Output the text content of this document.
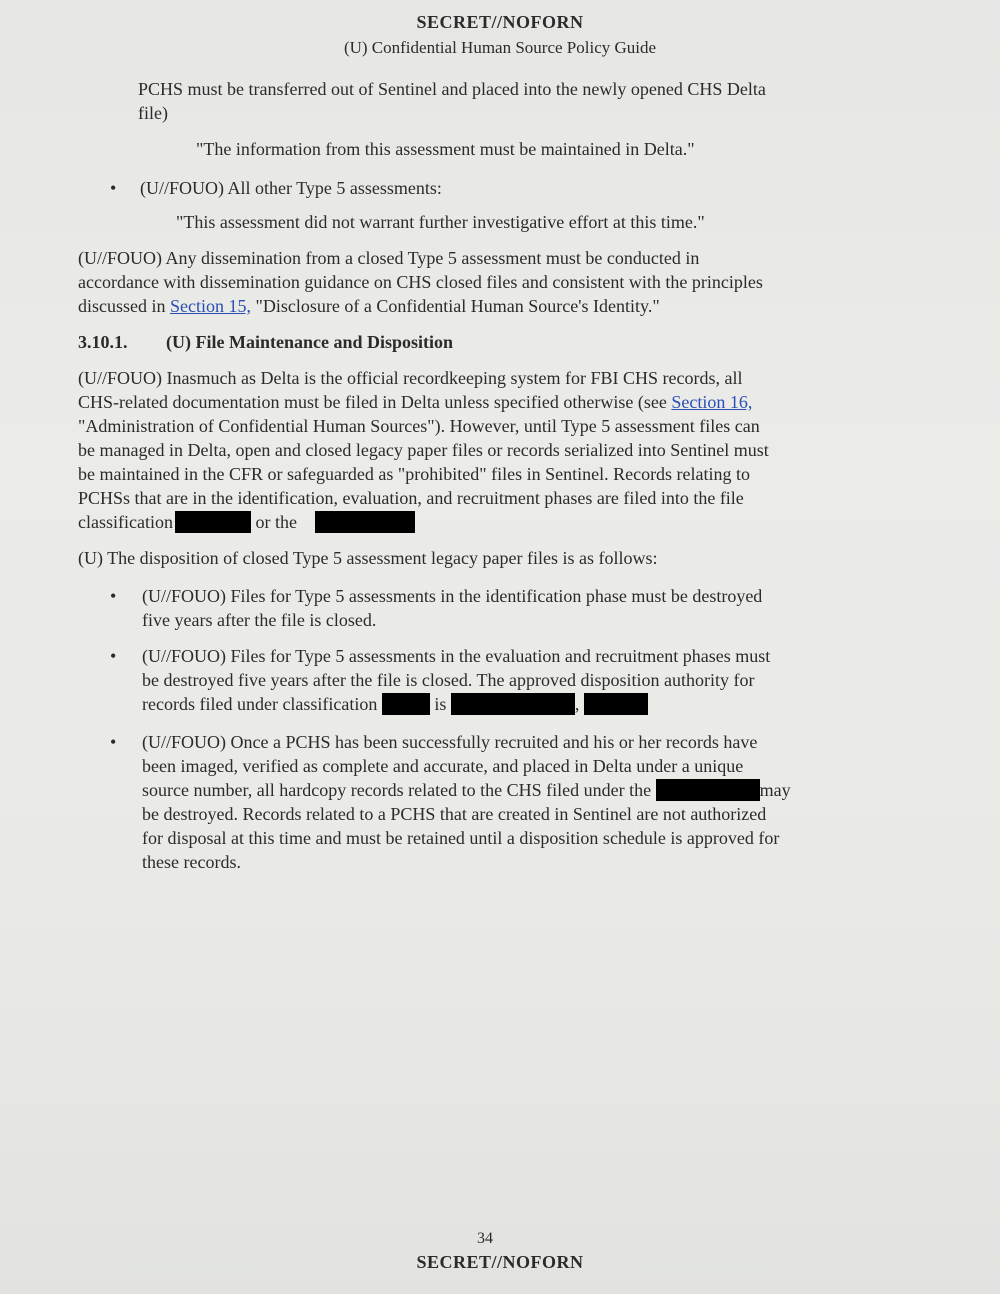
SECRET//NOFORN
(U) Confidential Human Source Policy Guide
PCHS must be transferred out of Sentinel and placed into the newly opened CHS Delta
file)
"The information from this assessment must be maintained in Delta."
• (U//FOUO) All other Type 5 assessments:
"This assessment did not warrant further investigative effort at this time."
(U//FOUO) Any dissemination from a closed Type 5 assessment must be conducted in
accordance with dissemination guidance on CHS closed files and consistent with the principles
discussed in Section 15, "Disclosure of a Confidential Human Source's Identity."
3.10.1. (U) File Maintenance and Disposition
(U//FOUO) Inasmuch as Delta is the official recordkeeping system for FBI CHS records, all
CHS-related documentation must be filed in Delta unless specified otherwise (see Section 16,
"Administration of Confidential Human Sources"). However, until Type 5 assessment files can
be managed in Delta, open and closed legacy paper files or records serialized into Sentinel must
be maintained in the CFR or safeguarded as "prohibited" files in Sentinel. Records relating to
PCHSs that are in the identification, evaluation, and recruitment phases are filed into the file
classification	or the
(U) The disposition of closed Type 5 assessment legacy paper files is as follows:
• (U//FOUO) Files for Type 5 assessments in the identification phase must be destroyed
five years after the file is closed.
• (U//FOUO) Files for Type 5 assessments in the evaluation and recruitment phases must
be destroyed five years after the file is closed. The approved disposition authority for
records filed under classification	is	,
• (U//FOUO) Once a PCHS has been successfully recruited and his or her records have
been imaged, verified as complete and accurate, and placed in Delta under a unique
source number, all hardcopy records related to the CHS filed under the	may
be destroyed. Records related to a PCHS that are created in Sentinel are not authorized
for disposal at this time and must be retained until a disposition schedule is approved for
these records.
34
SECRET//NOFORN
